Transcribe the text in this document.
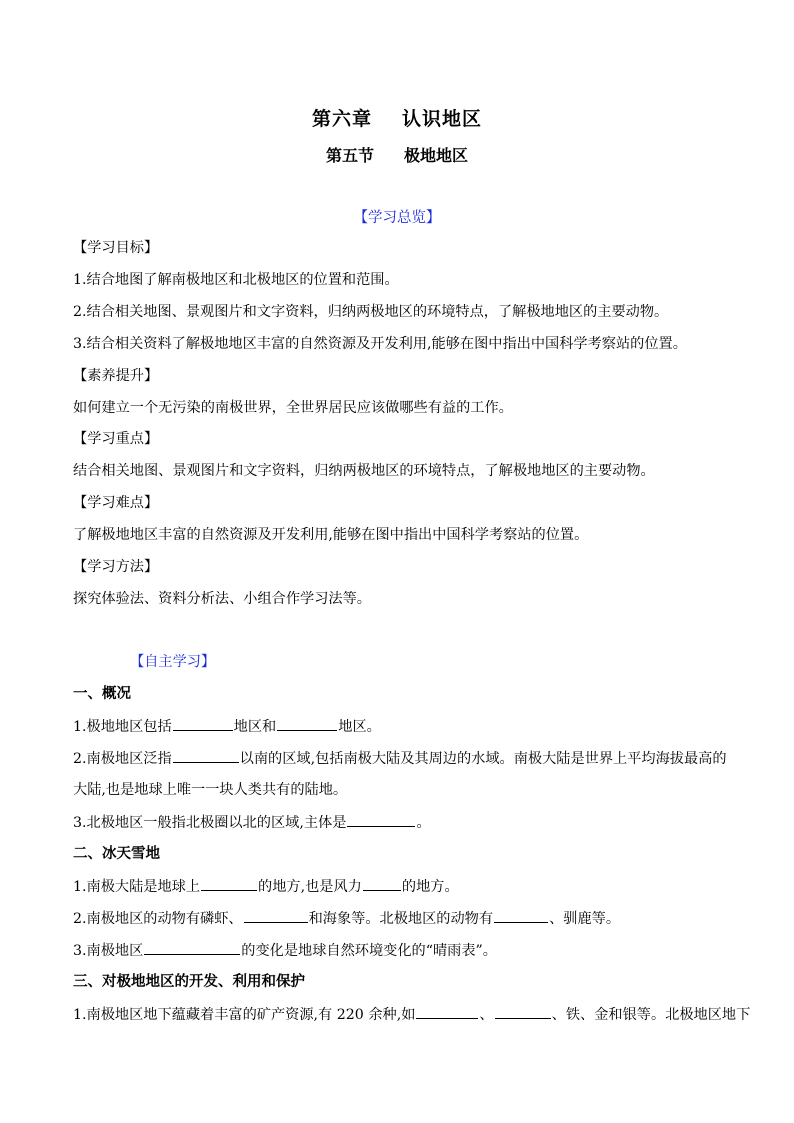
第六章 认识地区
第五节 极地地区
【学习总览】
【学习目标】
1.结合地图了解南极地区和北极地区的位置和范围。
2.结合相关地图、景观图片和文字资料，归纳两极地区的环境特点，了解极地地区的主要动物。
3.结合相关资料了解极地地区丰富的自然资源及开发利用,能够在图中指出中国科学考察站的位置。
【素养提升】
如何建立一个无污染的南极世界，全世界居民应该做哪些有益的工作。
【学习重点】
结合相关地图、景观图片和文字资料，归纳两极地区的环境特点，了解极地地区的主要动物。
【学习难点】
了解极地地区丰富的自然资源及开发利用,能够在图中指出中国科学考察站的位置。
【学习方法】
探究体验法、资料分析法、小组合作学习法等。
【自主学习】
一、概况
1.极地地区包括	地区和	地区。
2.南极地区泛指	以南的区域,包括南极大陆及其周边的水域。南极大陆是世界上平均海拔最高的
大陆,也是地球上唯一一块人类共有的陆地。
3.北极地区一般指北极圈以北的区域,主体是	。
二、冰天雪地
1.南极大陆是地球上	的地方,也是风力	的地方。
2.南极地区的动物有磷虾、	和海象等。北极地区的动物有	、驯鹿等。
3.南极地区	的变化是地球自然环境变化的“晴雨表”。
三、对极地地区的开发、利用和保护
1.南极地区地下蕴藏着丰富的矿产资源,有 220 余种,如	、	、铁、金和银等。北极地区地下
